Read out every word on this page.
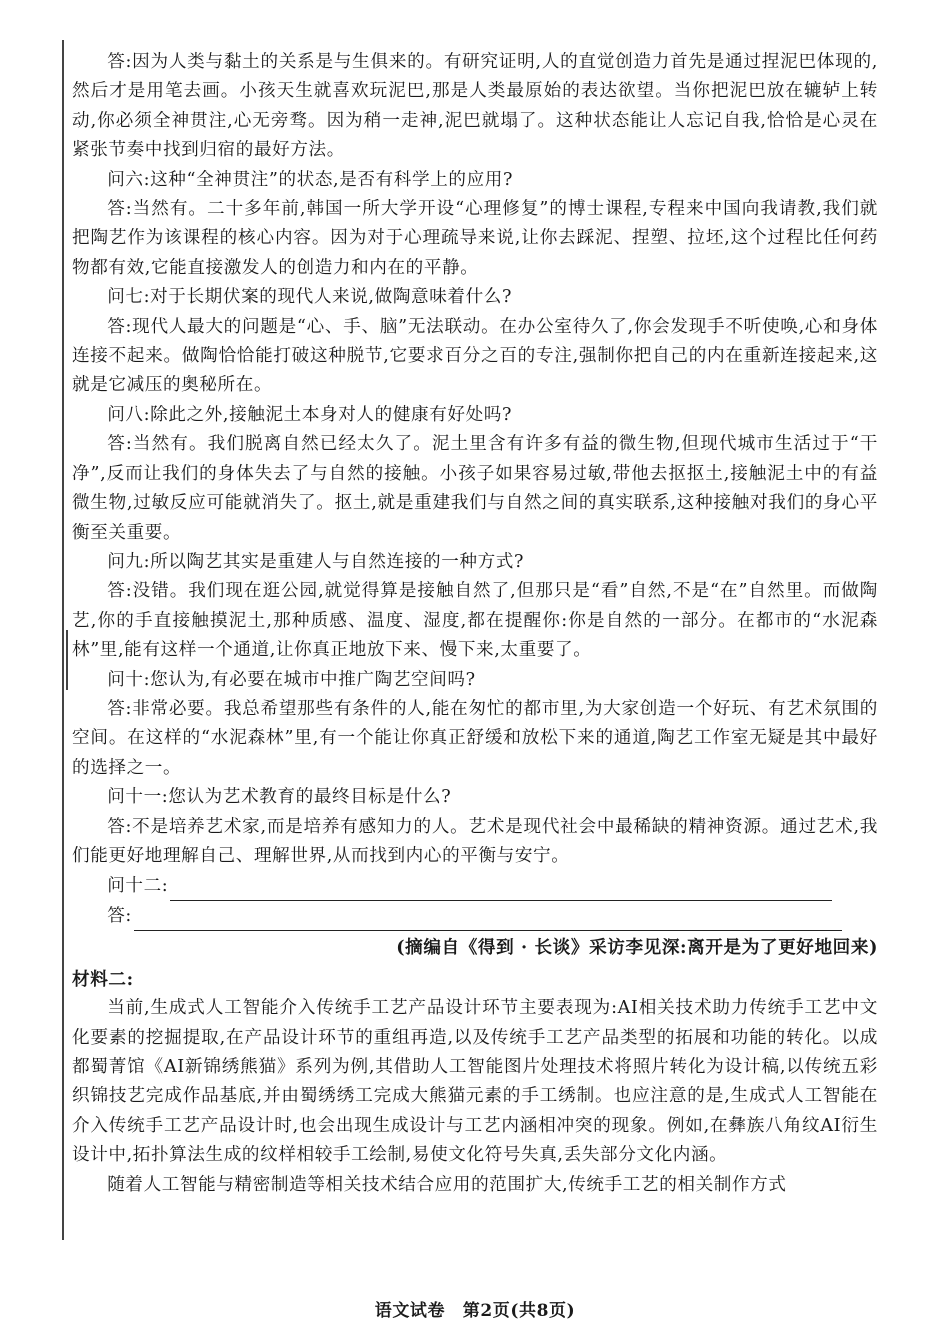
答:因为人类与黏土的关系是与生俱来的。有研究证明,人的直觉创造力首先是通过捏泥巴体现的,然后才是用笔去画。小孩天生就喜欢玩泥巴,那是人类最原始的表达欲望。当你把泥巴放在辘轳上转动,你必须全神贯注,心无旁骛。因为稍一走神,泥巴就塌了。这种状态能让人忘记自我,恰恰是心灵在紧张节奏中找到归宿的最好方法。

问六:这种“全神贯注”的状态,是否有科学上的应用?

答:当然有。二十多年前,韩国一所大学开设“心理修复”的博士课程,专程来中国向我请教,我们就把陶艺作为该课程的核心内容。因为对于心理疏导来说,让你去踩泥、捏塑、拉坯,这个过程比任何药物都有效,它能直接激发人的创造力和内在的平静。

问七:对于长期伏案的现代人来说,做陶意味着什么?

答:现代人最大的问题是“心、手、脑”无法联动。在办公室待久了,你会发现手不听使唤,心和身体连接不起来。做陶恰恰能打破这种脱节,它要求百分之百的专注,强制你把自己的内在重新连接起来,这就是它减压的奥秘所在。

问八:除此之外,接触泥土本身对人的健康有好处吗?

答:当然有。我们脱离自然已经太久了。泥土里含有许多有益的微生物,但现代城市生活过于“干净”,反而让我们的身体失去了与自然的接触。小孩子如果容易过敏,带他去抠抠土,接触泥土中的有益微生物,过敏反应可能就消失了。抠土,就是重建我们与自然之间的真实联系,这种接触对我们的身心平衡至关重要。

问九:所以陶艺其实是重建人与自然连接的一种方式?

答:没错。我们现在逛公园,就觉得算是接触自然了,但那只是“看”自然,不是“在”自然里。而做陶艺,你的手直接触摸泥土,那种质感、温度、湿度,都在提醒你:你是自然的一部分。在都市的“水泥森林”里,能有这样一个通道,让你真正地放下来、慢下来,太重要了。

问十:您认为,有必要在城市中推广陶艺空间吗?

答:非常必要。我总希望那些有条件的人,能在匆忙的都市里,为大家创造一个好玩、有艺术氛围的空间。在这样的“水泥森林”里,有一个能让你真正舒缓和放松下来的通道,陶艺工作室无疑是其中最好的选择之一。

问十一:您认为艺术教育的最终目标是什么?

答:不是培养艺术家,而是培养有感知力的人。艺术是现代社会中最稀缺的精神资源。通过艺术,我们能更好地理解自己、理解世界,从而找到内心的平衡与安宁。

问十二:
答:

(摘编自《得到 · 长谈》采访李见深:离开是为了更好地回来)

材料二:

当前,生成式人工智能介入传统手工艺产品设计环节主要表现为:AI相关技术助力传统手工艺中文化要素的挖掘提取,在产品设计环节的重组再造,以及传统手工艺产品类型的拓展和功能的转化。以成都蜀菁馆《AI新锦绣熊猫》系列为例,其借助人工智能图片处理技术将照片转化为设计稿,以传统五彩织锦技艺完成作品基底,并由蜀绣绣工完成大熊猫元素的手工绣制。也应注意的是,生成式人工智能在介入传统手工艺产品设计时,也会出现生成设计与工艺内涵相冲突的现象。例如,在彝族八角纹AI衍生设计中,拓扑算法生成的纹样相较手工绘制,易使文化符号失真,丢失部分文化内涵。

随着人工智能与精密制造等相关技术结合应用的范围扩大,传统手工艺的相关制作方式

语文试卷　第2页(共8页)
